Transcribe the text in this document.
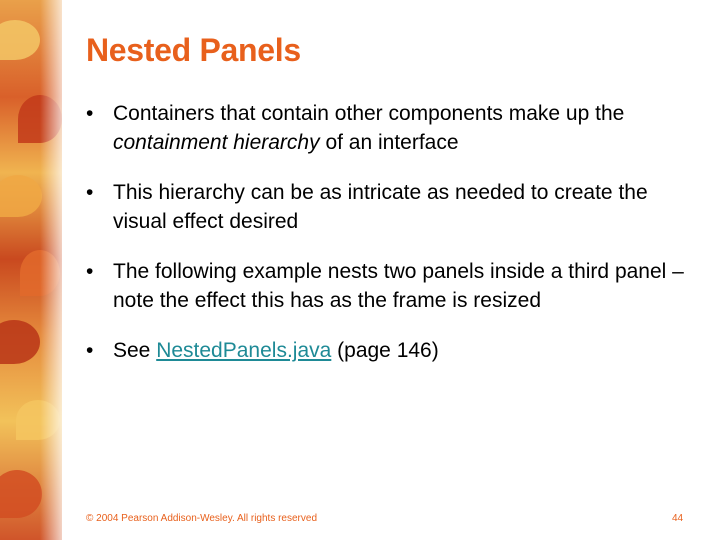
Nested Panels
• Containers that contain other components make up the containment hierarchy of an interface
• This hierarchy can be as intricate as needed to create the visual effect desired
• The following example nests two panels inside a third panel – note the effect this has as the frame is resized
• See NestedPanels.java (page 146)
© 2004 Pearson Addison-Wesley. All rights reserved	44
